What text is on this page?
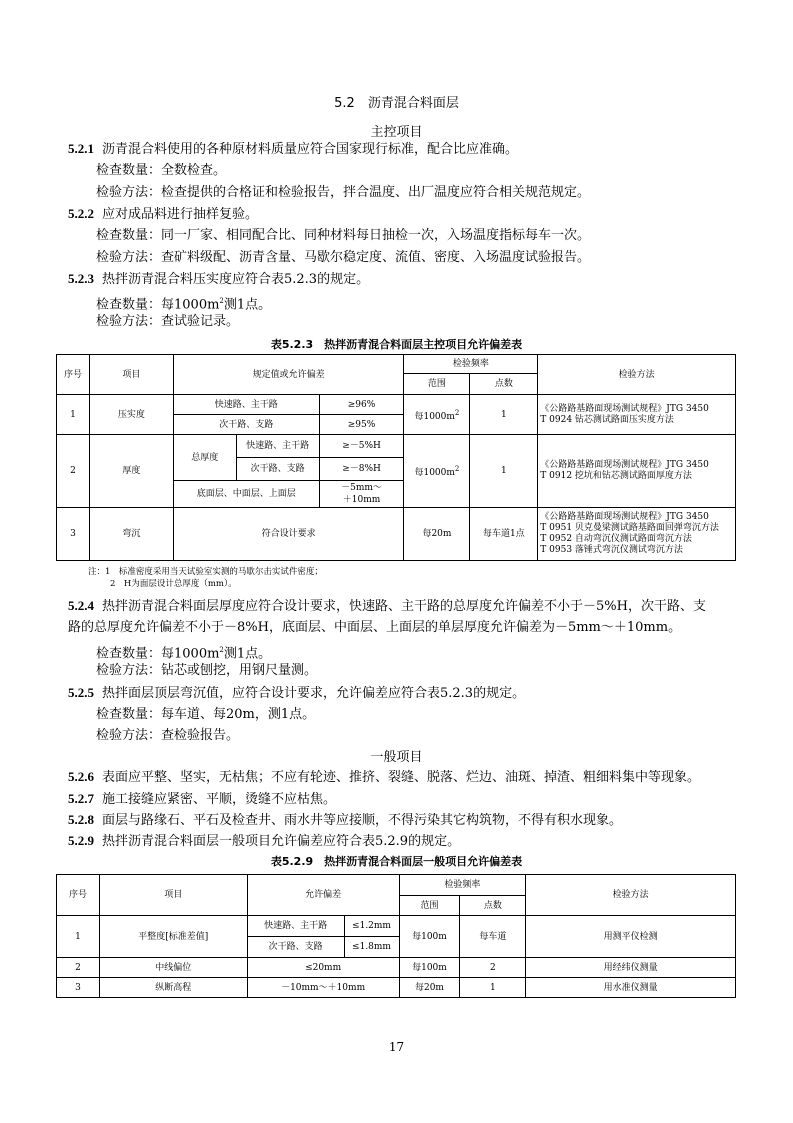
5.2　沥青混合料面层
主控项目
5.2.1 沥青混合料使用的各种原材料质量应符合国家现行标准，配合比应准确。
检查数量：全数检查。
检验方法：检查提供的合格证和检验报告，拌合温度、出厂温度应符合相关规范规定。
5.2.2 应对成品料进行抽样复验。
检查数量：同一厂家、相同配合比、同种材料每日抽检一次，入场温度指标每车一次。
检验方法：查矿料级配、沥青含量、马歇尔稳定度、流值、密度、入场温度试验报告。
5.2.3 热拌沥青混合料压实度应符合表5.2.3的规定。
检查数量：每$1000m^2$测1点。
检验方法：查试验记录。
表5.2.3　热拌沥青混合料面层主控项目允许偏差表
序号	项目	规定值或允许偏差			检验频率		检验方法
					范围	点数	
1	压实度	快速路、主干路		≥96%	每$1000m^2$	1	《公路路基路面现场测试规程》JTG 3450
T 0924 钻芯测试路面压实度方法

		次干路、支路		≥95%			
2	厚度	总厚度	快速路、主干路	≥－5%H	每$1000m^2$	1	《公路路基路面现场测试规程》JTG 3450
T 0912 挖坑和钻芯测试路面厚度方法

			次干路、支路	≥－8%H			
		底面层、中面层、上面层		－5mm～
＋10mm			

3	弯沉	符合设计要求			每20m	每车道1点	《公路路基路面现场测试规程》JTG 3450
T 0951 贝克曼梁测试路基路面回弹弯沉方法
T 0952 自动弯沉仪测试路面弯沉方法
T 0953 落锤式弯沉仪测试弯沉方法
注：1　标准密度采用当天试验室实测的马歇尔击实试件密度；
2　H为面层设计总厚度（mm）。
5.2.4 热拌沥青混合料面层厚度应符合设计要求，快速路、主干路的总厚度允许偏差不小于－5%H，次干路、支
路的总厚度允许偏差不小于－8%H，底面层、中面层、上面层的单层厚度允许偏差为－5mm～＋10mm。
检查数量：每$1000m^2$测1点。
检验方法：钻芯或刨挖，用钢尺量测。
5.2.5 热拌面层顶层弯沉值，应符合设计要求，允许偏差应符合表5.2.3的规定。
检查数量：每车道、每20m，测1点。
检验方法：查检验报告。
一般项目
5.2.6 表面应平整、坚实，无枯焦；不应有轮迹、推挤、裂缝、脱落、烂边、油斑、掉渣、粗细料集中等现象。
5.2.7 施工接缝应紧密、平顺，烫缝不应枯焦。
5.2.8 面层与路缘石、平石及检查井、雨水井等应接顺，不得污染其它构筑物，不得有积水现象。
5.2.9 热拌沥青混合料面层一般项目允许偏差应符合表5.2.9的规定。
表5.2.9　热拌沥青混合料面层一般项目允许偏差表
序号	项目	允许偏差		检验频率		检验方法
				范围	点数	
1	平整度[标准差值]	快速路、主干路	≤1.2mm	每100m	每车道	用测平仪检测
		次干路、支路	≤1.8mm			
2	中线偏位	≤20mm		每100m	2	用经纬仪测量
3	纵断高程	－10mm～＋10mm		每20m	1	用水准仪测量
17
